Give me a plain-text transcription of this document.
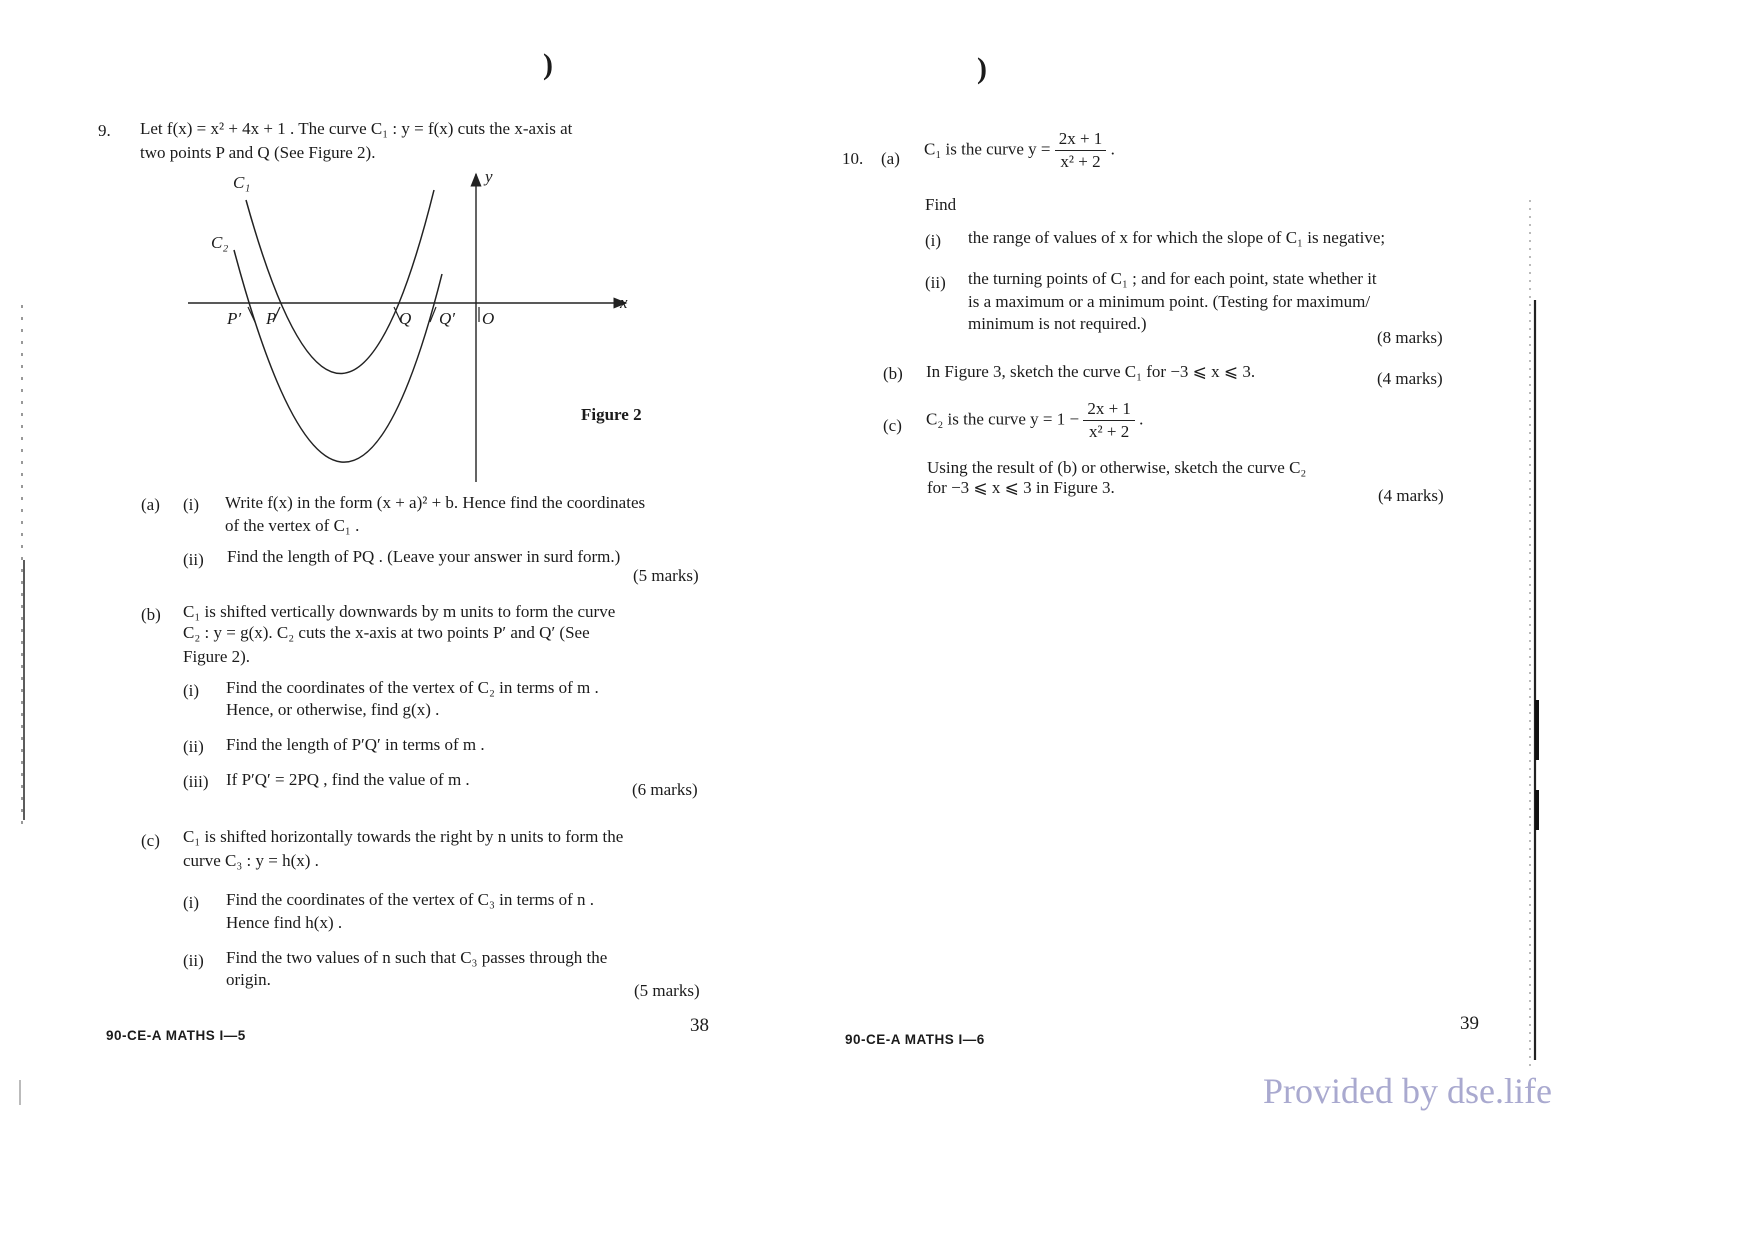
)	)
9. Let f(x) = x² + 4x + 1 . The curve C₁ : y = f(x) cuts the x-axis at
two points P and Q (See Figure 2).
C₁
C₂
y
x
P′ P	Q Q′ O
Figure 2
(a) (i) Write f(x) in the form (x + a)² + b. Hence find the coordinates
of the vertex of C₁ .
(ii) Find the length of PQ . (Leave your answer in surd form.)
(5 marks)
(b) C₁ is shifted vertically downwards by m units to form the curve
C₂ : y = g(x). C₂ cuts the x-axis at two points P′ and Q′ (See
Figure 2).
(i) Find the coordinates of the vertex of C₂ in terms of m .
Hence, or otherwise, find g(x) .
(ii) Find the length of P′Q′ in terms of m .
(iii) If P′Q′ = 2PQ , find the value of m .
(6 marks)
(c) C₁ is shifted horizontally towards the right by n units to form the
curve C₃ : y = h(x) .
(i) Find the coordinates of the vertex of C₃ in terms of n .
Hence find h(x) .
(ii) Find the two values of n such that C₃ passes through the
origin.
(5 marks)
90-CE-A MATHS I—5	38
10. (a)
C₁ is the curve $y = \frac{2x + 1}{\text{x² + 2}}$ .
Find
(i) the range of values of x for which the slope of C₁ is negative;
(ii) the turning points of C₁ ; and for each point, state whether it
is a maximum or a minimum point. (Testing for maximum/
minimum is not required.)
(8 marks)
(b) In Figure 3, sketch the curve C₁ for −3 ⩽ x ⩽ 3.	(4 marks)
(c) C₂ is the curve $y = 1 - \frac{2x + 1}{\text{x² + 2}}$ .
Using the result of (b) or otherwise, sketch the curve C₂
for −3 ⩽ x ⩽ 3 in Figure 3.	(4 marks)
90-CE-A MATHS I—6
39
Provided by dse.life
